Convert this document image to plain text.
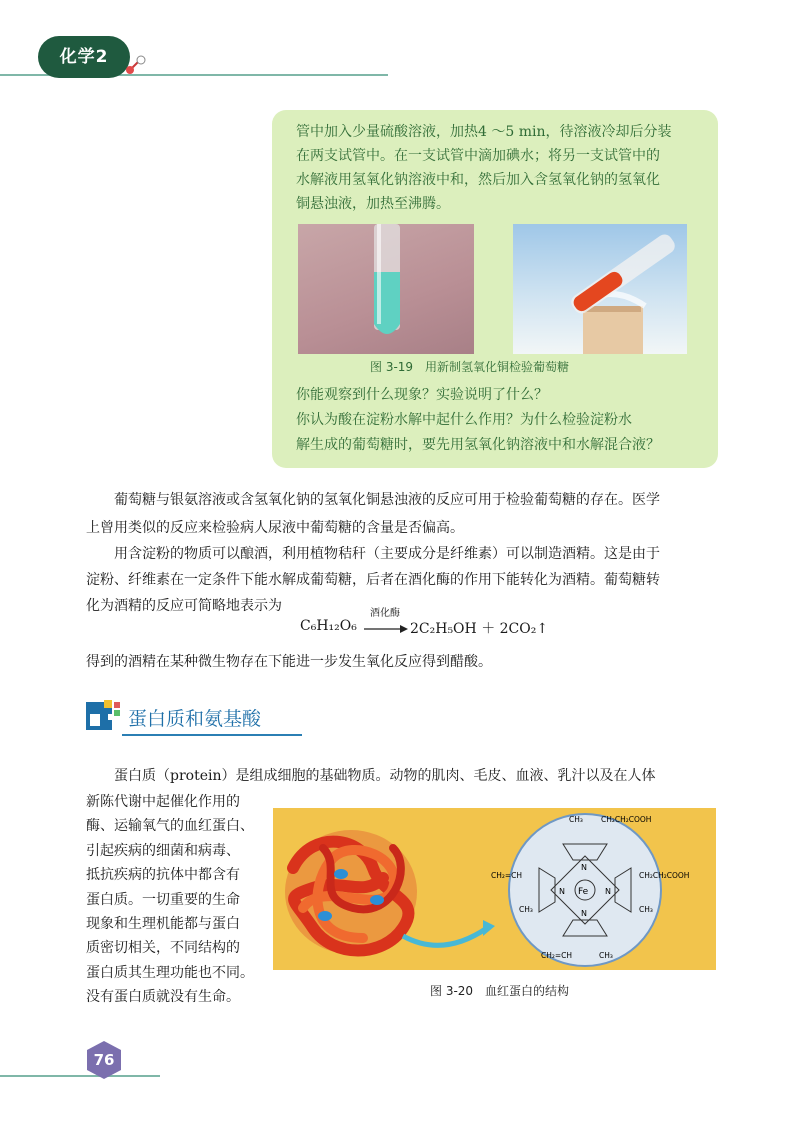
化学2
管中加入少量硫酸溶液，加热4 ～5 min，待溶液冷却后分装
在两支试管中。在一支试管中滴加碘水；将另一支试管中的
水解液用氢氧化钠溶液中和，然后加入含氢氧化钠的氢氧化
铜悬浊液，加热至沸腾。
图 3-19　用新制氢氧化铜检验葡萄糖
你能观察到什么现象？实验说明了什么？
你认为酸在淀粉水解中起什么作用？为什么检验淀粉水
解生成的葡萄糖时，要先用氢氧化钠溶液中和水解混合液？
　　葡萄糖与银氨溶液或含氢氧化钠的氢氧化铜悬浊液的反应可用于检验葡萄糖的存在。医学
上曾用类似的反应来检验病人尿液中葡萄糖的含量是否偏高。
　　用含淀粉的物质可以酿酒，利用植物秸秆（主要成分是纤维素）可以制造酒精。这是由于
淀粉、纤维素在一定条件下能水解成葡萄糖，后者在酒化酶的作用下能转化为酒精。葡萄糖转
化为酒精的反应可简略地表示为
C₆H₁₂O₆
酒化酶
→ 2C₂H₅OH ＋ 2CO₂↑
得到的酒精在某种微生物存在下能进一步发生氧化反应得到醋酸。
蛋白质和氨基酸
　　蛋白质（protein）是组成细胞的基础物质。动物的肌肉、毛皮、血液、乳汁以及在人体
新陈代谢中起催化作用的
酶、运输氧气的血红蛋白、
引起疾病的细菌和病毒、
抵抗疾病的抗体中都含有
蛋白质。一切重要的生命
现象和生理机能都与蛋白
质密切相关，不同结构的
蛋白质其生理功能也不同。
没有蛋白质就没有生命。
Fe
N
N
N	N
CH₃ CH₂CH₂COOH
CH₂=CH	CH₂CH₂COOH
CH₃	CH₃
CH₂=CH	CH₃
图 3-20　血红蛋白的结构
76
